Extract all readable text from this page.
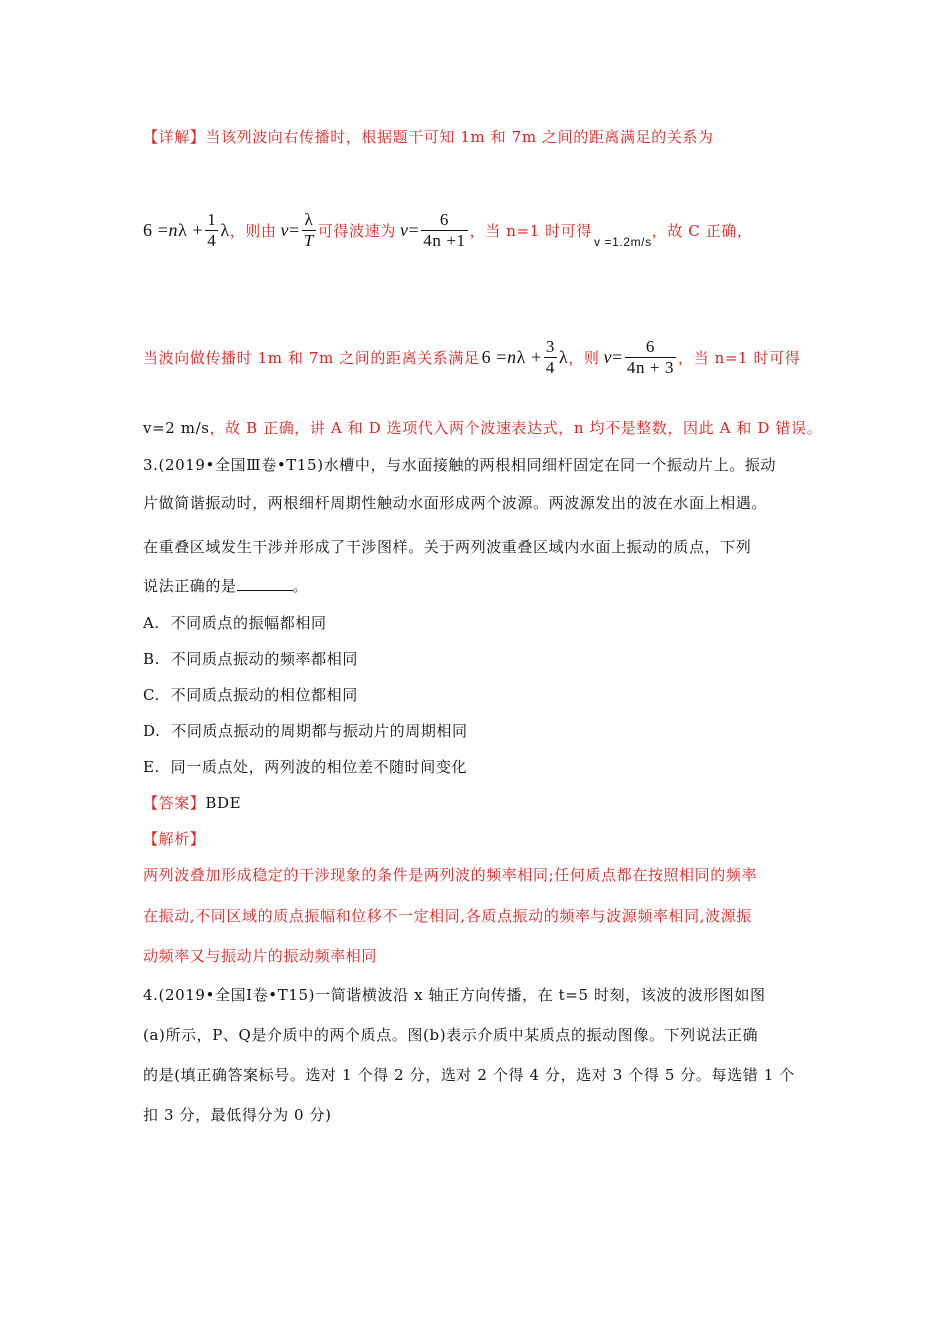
【详解】当该列波向右传播时，根据题干可知 1m 和 7m 之间的距离满足的关系为
6 = n $\lambda + \frac{1}{4}$ λ ，则由 $v = \frac{\lambda}{T}$ 可得波速为 $v = \frac{6}{4n +1}$ ，当 n=1 时可得
v =1.2m/s
，故 C 正确，
当波向做传播时 1m 和 7m 之间的距离关系满足 6 = n $\lambda + \frac{3}{4}$ λ ，则 $v = \frac{6}{4n + 3}$ ，当 n=1 时可得
v=2 m/s，故 B 正确，讲 A 和 D 选项代入两个波速表达式，n 均不是整数，因此 A 和 D 错误。
3.(2019•全国Ⅲ卷•T15)水槽中，与水面接触的两根相同细杆固定在同一个振动片上。振动
片做简谐振动时，两根细杆周期性触动水面形成两个波源。两波源发出的波在水面上相遇。
在重叠区域发生干涉并形成了干涉图样。关于两列波重叠区域内水面上振动的质点，下列
说法正确的是	。
A. 不同质点的振幅都相同
B. 不同质点振动的频率都相同
C. 不同质点振动的相位都相同
D. 不同质点振动的周期都与振动片的周期相同
E. 同一质点处，两列波的相位差不随时间变化
【答案】BDE
【解析】
两列波叠加形成稳定的干涉现象的条件是两列波的频率相同;任何质点都在按照相同的频率
在振动,不同区域的质点振幅和位移不一定相同,各质点振动的频率与波源频率相同,波源振
动频率又与振动片的振动频率相同
4.(2019•全国Ⅰ卷•T15)一简谐横波沿 x 轴正方向传播，在 t=5 时刻，该波的波形图如图
(a)所示，P、Q是介质中的两个质点。图(b)表示介质中某质点的振动图像。下列说法正确
的是(填正确答案标号。选对 1 个得 2 分，选对 2 个得 4 分，选对 3 个得 5 分。每选错 1 个
扣 3 分，最低得分为 0 分)
